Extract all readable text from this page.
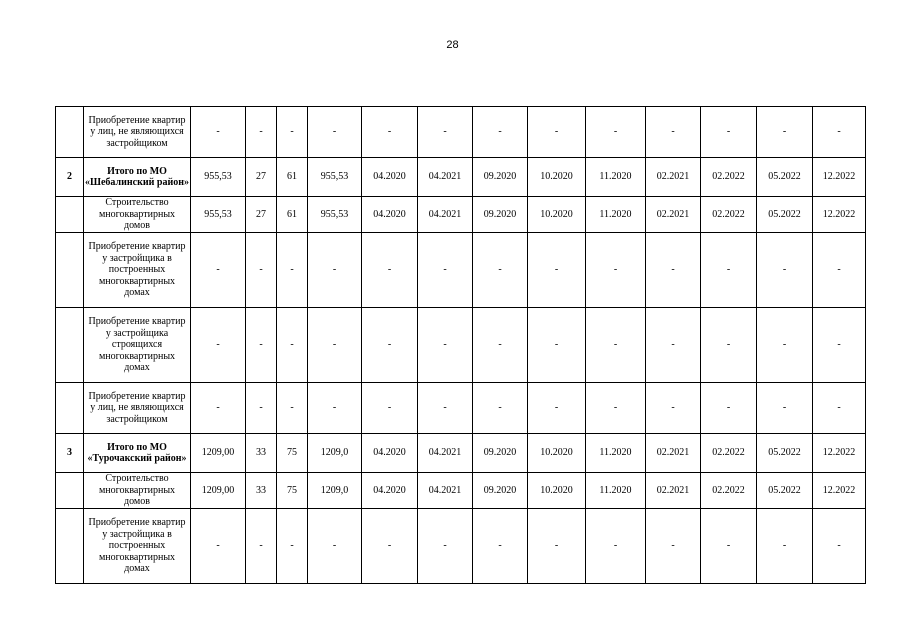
28
	Приобретение квартир у лиц, не являющихся застройщиком	-	-	-	-	-	-	-	-	-	-	-	-	-
2	Итого по МО «Шебалинский район»	955,53	27	61	955,53	04.2020	04.2021	09.2020	10.2020	11.2020	02.2021	02.2022	05.2022	12.2022
	Строительство многоквартирных домов	955,53	27	61	955,53	04.2020	04.2021	09.2020	10.2020	11.2020	02.2021	02.2022	05.2022	12.2022
	Приобретение квартир у застройщика в построенных многоквартирных домах	-	-	-	-	-	-	-	-	-	-	-	-	-
	Приобретение квартир у застройщика строящихся многоквартирных домах	-	-	-	-	-	-	-	-	-	-	-	-	-
	Приобретение квартир у лиц, не являющихся застройщиком	-	-	-	-	-	-	-	-	-	-	-	-	-
3	Итого по МО «Турочакский район»	1209,00	33	75	1209,0	04.2020	04.2021	09.2020	10.2020	11.2020	02.2021	02.2022	05.2022	12.2022
	Строительство многоквартирных домов	1209,00	33	75	1209,0	04.2020	04.2021	09.2020	10.2020	11.2020	02.2021	02.2022	05.2022	12.2022
	Приобретение квартир у застройщика в построенных многоквартирных домах	-	-	-	-	-	-	-	-	-	-	-	-	-
